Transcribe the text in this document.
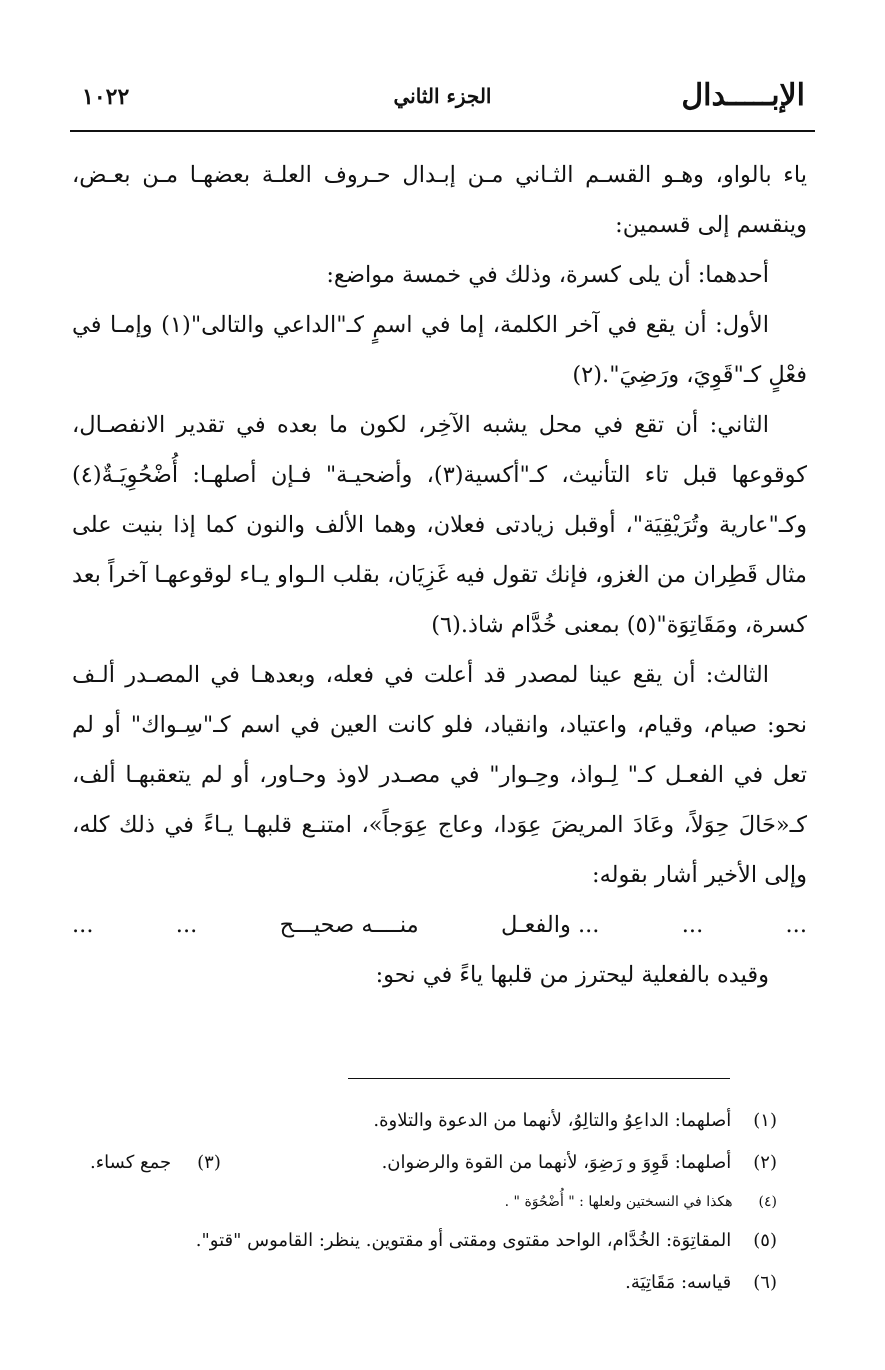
الإبـــــدال
الجزء الثاني
١٠٢٢

ياء بالواو، وهـو القسـم الثـاني مـن إبـدال حـروف العلـة بعضهـا مـن بعـض، وينقسم إلى قسمين:

أحدهما: أن يلى كسرة، وذلك في خمسة مواضع:

الأول: أن يقع في آخر الكلمة، إما في اسمٍ كـ"الداعي والتالى"(١) وإمـا في فعْلٍ كـ"قَوِيَ، ورَضِيَ".(٢)

الثاني: أن تقع في محل يشبه الآخِر، لكون ما بعده في تقدير الانفصـال، كوقوعها قبل تاء التأنيث، كـ"أكسية(٣)، وأضحيـة" فـإن أصلهـا: أُضْحُوِيَـةٌ(٤) وكـ"عارية وتُرَيْقِيَة"، أوقبل زيادتى فعلان، وهما الألف والنون كما إذا بنيت على مثال قَطِران من الغزو، فإنك تقول فيه غَزِيَان، بقلب الـواو يـاء لوقوعهـا آخراً بعد كسرة، ومَقَاتِوَة"(٥) بمعنى خُدَّام شاذ.(٦)

الثالث: أن يقع عينا لمصدر قد أعلت في فعله، وبعدهـا في المصـدر ألـف نحو: صيام، وقيام، واعتياد، وانقياد، فلو كانت العين في اسم كـ"سِـواك" أو لم تعل في الفعـل كـ" لِـواذ، وحِـوار" في مصـدر لاوذ وحـاور، أو لم يتعقبهـا ألف، كـ«حَالَ حِوَلاً، وعَادَ المريضَ عِوَدا، وعاج عِوَجاً»، امتنـع قلبهـا يـاءً في ذلك كله، وإلى الأخير أشار بقوله:

...
...
... والفعـل
منــــه صحيـــح
...
...

وقيده بالفعلية ليحترز من قلبها ياءً في نحو:

(١) أصلهما: الداعِوُ والتالِوُ، لأنهما من الدعوة والتلاوة.
(٢) أصلهما: قَوِوَ و رَضِوَ، لأنهما من القوة والرضوان.
(٣) جمع كساء.
(٤) هكذا في النسختين ولعلها : " أُضْحُوَة " .
(٥) المقاتِوَة: الخُدَّام، الواحد مقتوى ومقتى أو مقتوين. ينظر: القاموس "قتو".
(٦) قياسه: مَقَاتِيَة.
